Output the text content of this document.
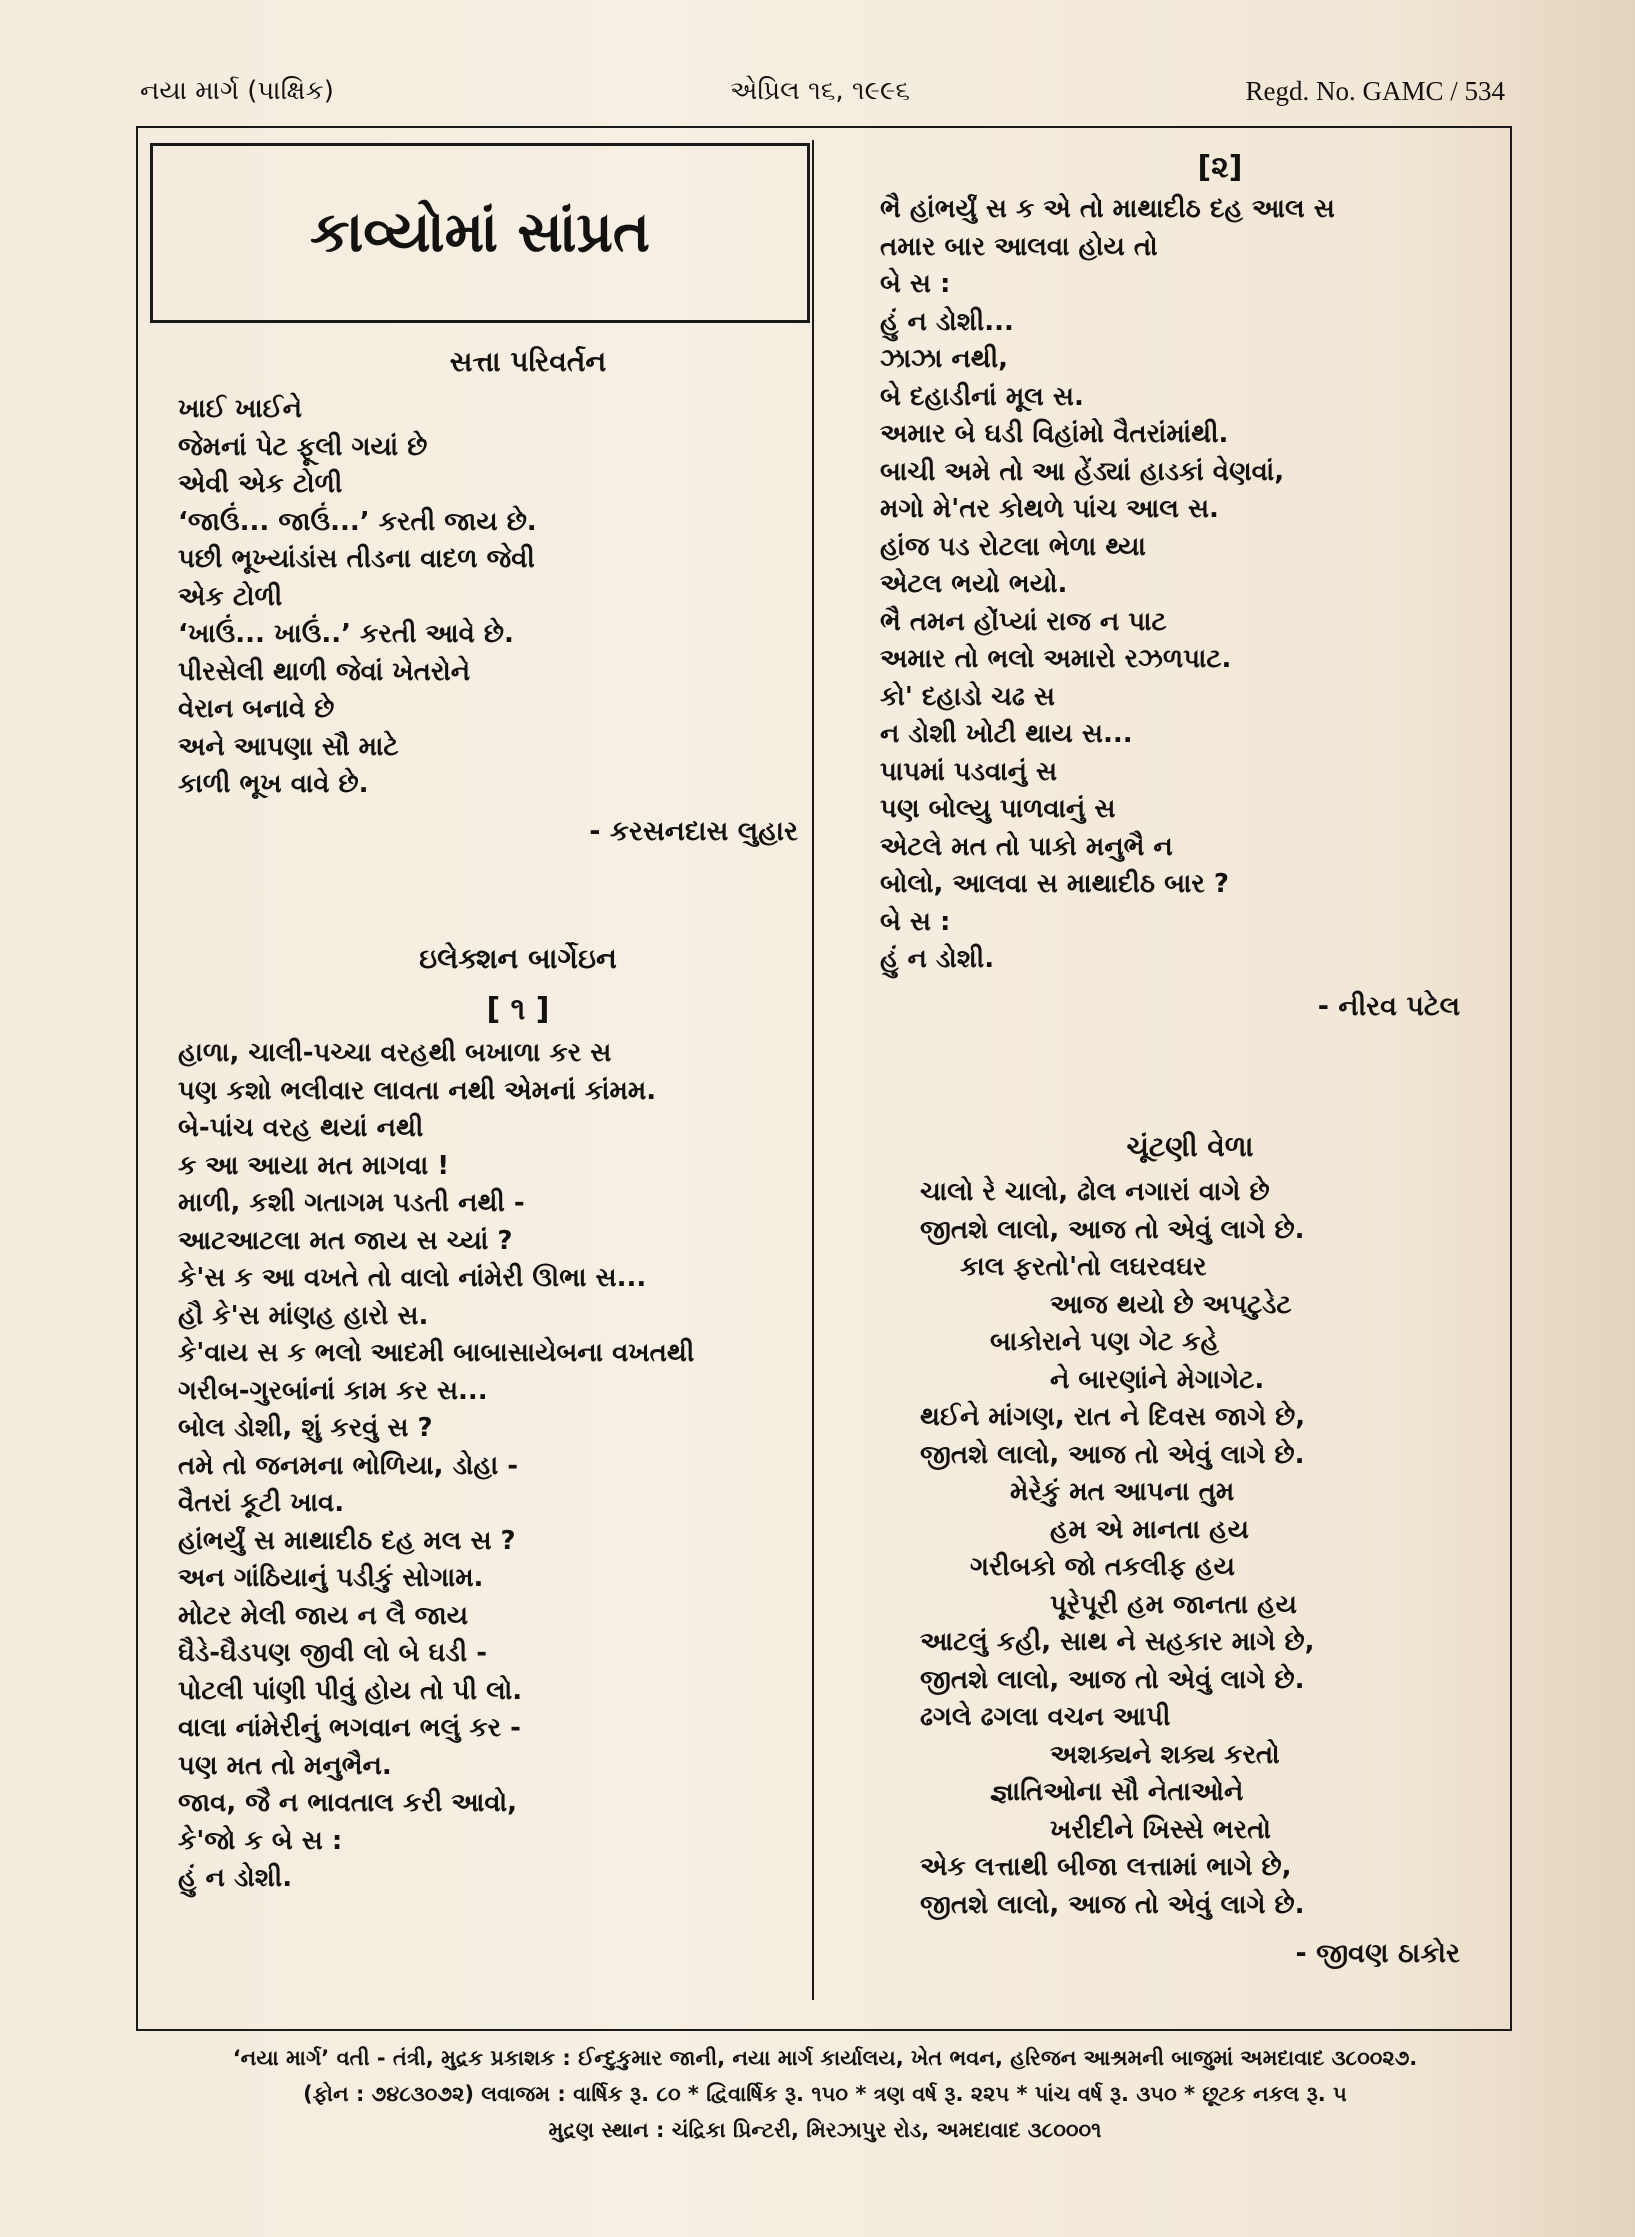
નયા માર્ગ (પાક્ષિક)	એપ્રિલ ૧૬, ૧૯૯૬	Regd. No. GAMC / 534
કાવ્યોમાં સાંપ્રત
સત્તા પરિવર્તન
ખાઈ ખાઈને
જેમનાં પેટ ફૂલી ગયાં છે
એવી એક ટોળી
‘જાઉં... જાઉં...’ કરતી જાય છે.
પછી ભૂખ્યાંડાંસ તીડના વાદળ જેવી
એક ટોળી
‘ખાઉં... ખાઉં..’ કરતી આવે છે.
પીરસેલી થાળી જેવાં ખેતરોને
વેરાન બનાવે છે
અને આપણા સૌ માટે
કાળી ભૂખ વાવે છે.
- કરસનદાસ લુહાર
ઇલેક્શન બાર્ગેઇન
[ ૧ ]
હાળા, ચાલી-પચ્ચા વરહથી બખાળા કર સ
પણ કશો ભલીવાર લાવતા નથી એમનાં કાંમમ.
બે-પાંચ વરહ થયાં નથી
ક આ આયા મત માગવા !
માળી, કશી ગતાગમ પડતી નથી -
આટઆટલા મત જાય સ ચ્યાં ?
કે'સ ક આ વખતે તો વાલો નાંમેરી ઊભા સ...
હૌ કે'સ માંણહ હારો સ.
કે'વાય સ ક ભલો આદમી બાબાસાયેબના વખતથી
ગરીબ-ગુરબાંનાં કામ કર સ...
બોલ ડોશી, શું કરવું સ ?
તમે તો જનમના ભોળિયા, ડોહા -
વૈતરાં કૂટી ખાવ.
હાંભર્યું સ માથાદીઠ દહ મલ સ ?
અન ગાંઠિયાનું પડીકું સોગામ.
મોટર મેલી જાય ન લૈ જાય
ઘૈડે-ઘૈડપણ જીવી લો બે ઘડી -
પોટલી પાંણી પીવું હોય તો પી લો.
વાલા નાંમેરીનું ભગવાન ભલું કર -
પણ મત તો મનુભૈન.
જાવ, જૈ ન ભાવતાલ કરી આવો,
કે'જો ક બે સ :
હું ન ડોશી.
[૨]
ભૈ હાંભર્યું સ ક એ તો માથાદીઠ દહ આલ સ
તમાર બાર આલવા હોય તો
બે સ :
હું ન ડોશી...
ઝાઝા નથી,
બે દહાડીનાં મૂલ સ.
અમાર બે ઘડી વિહાંમો વૈતરાંમાંથી.
બાચી અમે તો આ હેંડ્યાં હાડકાં વેણવાં,
મગો મે'તર કોથળે પાંચ આલ સ.
હાંજ પડ રોટલા ભેળા થ્યા
એટલ ભયો ભયો.
ભૈ તમન હોંપ્યાં રાજ ન પાટ
અમાર તો ભલો અમારો રઝળપાટ.
કો' દહાડો ચઢ સ
ન ડોશી ખોટી થાય સ...
પાપમાં પડવાનું સ
પણ બોલ્યુ પાળવાનું સ
એટલે મત તો પાકો મનુભૈ ન
બોલો, આલવા સ માથાદીઠ બાર ?
બે સ :
હું ન ડોશી.
- નીરવ પટેલ
ચૂંટણી વેળા
ચાલો રે ચાલો, ઢોલ નગારાં વાગે છે
જીતશે લાલો, આજ તો એવું લાગે છે.
કાલ ફરતો'તો લઘરવઘર
આજ થયો છે અપટુડેટ
બાકોરાને પણ ગેટ કહે
ને બારણાંને મેગાગેટ.
થઈને માંગણ, રાત ને દિવસ જાગે છે,
જીતશે લાલો, આજ તો એવું લાગે છે.
મેરેકું મત આપના તુમ
હમ એ માનતા હય
ગરીબકો જો તકલીફ હય
પૂરેપૂરી હમ જાનતા હય
આટલું કહી, સાથ ને સહકાર માગે છે,
જીતશે લાલો, આજ તો એવું લાગે છે.
ઢગલે ઢગલા વચન આપી
અશક્યને શક્ય કરતો
જ્ઞાતિઓના સૌ નેતાઓને
ખરીદીને ખિસ્સે ભરતો
એક લત્તાથી બીજા લત્તામાં ભાગે છે,
જીતશે લાલો, આજ તો એવું લાગે છે.
- જીવણ ઠાકોર
‘નયા માર્ગ’ વતી - તંત્રી, મુદ્રક પ્રકાશક : ઈન્દુકુમાર જાની, નયા માર્ગ કાર્યાલય, ખેત ભવન, હરિજન આશ્રમની બાજુમાં અમદાવાદ ૩૮૦૦૨૭.
(ફોન : ૭૪૮૩૦૭૨) લવાજમ : વાર્ષિક રૂ. ૮૦ * દ્વિવાર્ષિક રૂ. ૧૫૦ * ત્રણ વર્ષ રૂ. ૨૨૫ * પાંચ વર્ષ રૂ. ૩૫૦ * છૂટક નકલ રૂ. ૫
મુદ્રણ સ્થાન : ચંદ્રિકા પ્રિન્ટરી, મિરઝાપુર રોડ, અમદાવાદ ૩૮૦૦૦૧
